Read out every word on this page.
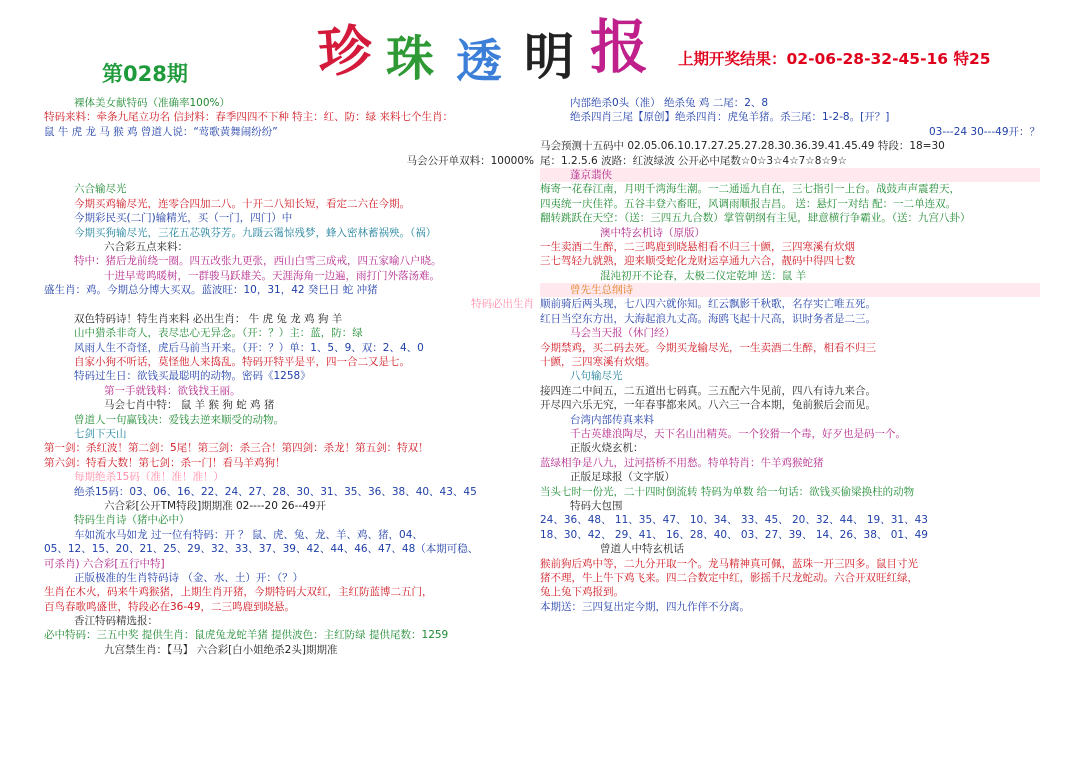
珍 珠 透 明 报
第028期
上期开奖结果：02-06-28-32-45-16 特25
裸体美女献特码（准确率100%）
特码来料：牵条九尾立功名 信封料：春季四四不下种 特主：红、防：绿 来料七个生肖：
鼠 牛 虎 龙 马 猴 鸡 曾道人说：“莺歌黄舞闹纷纷”
马会公开单双料：10000%
六合输尽光
今期买鸡输尽光，连零合四加二八。十开二八知长短，看定二六在今期。
今期彩民买(二门)输精光，买（一门，四门）中
今期买狗输尽光，三花五芯孰芬芳。九蹑云霭惊残梦，蜂入密林蓄祸殃。（祸）
六合彩五点来料：
特中：猪后龙前绕一圈。四五改张九更张，西山白雪三成戒，四五家喻八户晓。
十进早莺鸣暖树，一群骏马跃雄关。天涯海角一边遍，雨打门外落汤难。
盛生肖：鸡。今期总分博大买双。蓝波旺：10，31，42 癸巳日 蛇 冲猪
特码必出生肖
双色特码诗！特生肖来料 必出生肖： 牛 虎 兔 龙 鸡 狗 羊
山中猎杀非奇人，表尽忠心无异念。（开：？）主：蓝，防：绿
风雨人生不奇怪，虎后马前当开来。（开：？）单：1、5、9、双：2、4、0
自家小狗不听话，莫怪他人来捣乱。特码开特平是平，四一合二又是七。
特码过生日：欲钱买最聪明的动物。密码《1258》
第一手就钱料：欲钱找王丽。
马会七肖中特： 鼠 羊 猴 狗 蛇 鸡 猪
曾道人一句赢钱决：爱钱去逆来顺受的动物。
七剑下天山
第一剑：杀红波！第二剑：5尾！第三剑：杀三合！第四剑：杀龙！第五剑：特双！
第六剑：特看大数！第七剑：杀一门！看马羊鸡狗！
每期绝杀15码（准！准！准！）
绝杀15码：03、06、16、22、24、27、28、30、31、35、36、38、40、43、45
六合彩[公开TM特段]期期准 02----20 26--49开
特码生肖诗（猪中必中）
车如流水马如龙 过一位有特码：开 ？ 鼠、虎、兔、龙、羊、鸡、猪，04、
05、12、15、20、21、25、29、32、33、37、39、42、44、46、47、48（本期可稳、
可杀肖) 六合彩[五行中特]
正版极准的生肖特码诗 （金、水、土）开：（？）
生肖在木火，码来牛鸡猴猪，上期生肖开猪，今期特码大双红，主红防蓝博二五门，
百鸟春歌鸣盛世，特段必在36-49，二三鸣鹿到晓悬。
香江特码精选报：
必中特码：三五中奖 提供生肖：鼠虎兔龙蛇羊猪 提供波色：主红防绿 提供尾数：1259
九宫禁生肖：【马】 六合彩[白小姐绝杀2头]期期准
内部绝杀0头（准） 绝杀兔 鸡 二尾：2、8
绝杀四肖三尾【原创】绝杀四肖：虎兔羊猪。杀三尾：1-2-8。[开？]
03---24 30---49开：？
马会预测十五码中 02.05.06.10.17.27.25.27.28.30.36.39.41.45.49 特段：18=30
尾：1.2.5.6 波路：红波绿波 公开必中尾数☆0☆3☆4☆7☆8☆9☆
蓬京翡侠
梅寄一花春江南，月明千湾海生潮。一二通遥九自在，三七指引一上台。战鼓声声震碧天，
四夷统一庆佳祥。五谷丰登六畜旺，风调雨顺报吉昌。 送：悬灯一对结 配：一二单连双。
翻转跳跃在天空：（送：三四五九合数）掌管朝纲有主见，肆意横行争霸业。（送：九宫八卦）
澳中特玄机诗（原版）
一生卖酒二生醉，二三鸣鹿到晓悬相看不归三十颤，三四寒溪有炊烟
三七驾轻九就熟，迎来顺受蛇化龙财运享通九六合，靓码中得四七数
混沌初开不论春，太极二仪定乾坤 送：鼠 羊
曾先生总纲诗
顺前骑后两头现，七八四六就你知。红云飘影千秋歌，名存实亡唯五死。
红日当空东方出，大海起浪九丈高。海鸥飞起十尺高，识时务者是二三。
马会当天报（休门经）
今期禁鸡，买二码去死。今期买龙输尽光，一生卖酒二生醉，相看不归三
十颤，三四寒溪有炊烟。
八句输尽光
接四连二中间五，二五道出七码真。三五配六牛见前，四八有诗九来合。
开尽四六乐无究，一年春事都来风。八六三一合本期，兔前猴后会而见。
台湾内部传真来料
千古英雄浪陶尽，天下名山出精英。一个狡猾一个毒，好歹也是码一个。
正版火烧玄机：
蓝绿相争是八九，过河搭桥不用愁。特单特肖：牛羊鸡猴蛇猪
正版足球报（文字版）
当头七时一份光，二十四时倒流转 特码为单数 给一句话：欲钱买偷梁换柱的动物
特码大包围
24、36、48、 11、35、47、 10、34、 33、45、 20、32、44、 19、31、43
18、30、42、 29、41、 16、28、40、 03、27、39、 14、26、38、 01、49
曾道人中特玄机话
猴前狗后鸡中等，二九分开取一个。龙马精神真可佩，蓝珠一开三四多。鼠目寸光
猪不理，牛上牛下鸡飞来。四二合数定中红，影摇千尺龙蛇动。六合开双旺红绿，
兔上兔下鸡报到。
本期送：三四复出定今期，四九作伴不分离。
